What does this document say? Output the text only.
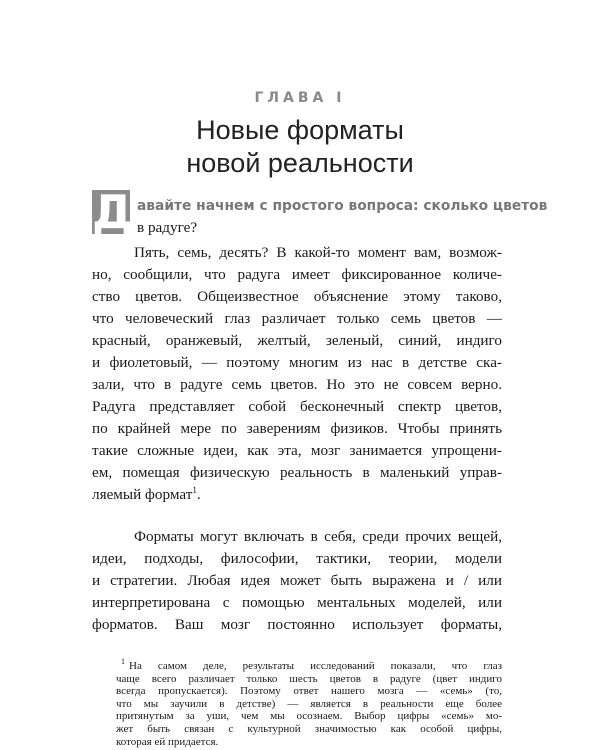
ГЛАВА I
Новые форматы
новой реальности
Д авайте начнем с простого вопроса: сколько цветов

в радуге?

Пять, семь, десять? В какой-то момент вам, возмож-

но, сообщили, что радуга имеет фиксированное количе-

ство цветов. Общеизвестное объяснение этому таково,

что человеческий глаз различает только семь цветов —

красный, оранжевый, желтый, зеленый, синий, индиго

и фиолетовый, — поэтому многим из нас в детстве ска-

зали, что в радуге семь цветов. Но это не совсем верно.

Радуга представляет собой бесконечный спектр цветов,

по крайней мере по заверениям физиков. Чтобы принять

такие сложные идеи, как эта, мозг занимается упрощени-

ем, помещая физическую реальность в маленький управ-

ляемый формат$^1$.

Форматы могут включать в себя, среди прочих вещей,

идеи, подходы, философии, тактики, теории, модели

и стратегии. Любая идея может быть выражена и / или

интерпретирована с помощью ментальных моделей, или

форматов. Ваш мозг постоянно использует форматы,

$^1$ На самом деле, результаты исследований показали, что глаз

чаще всего различает только шесть цветов в радуге (цвет индиго

всегда пропускается). Поэтому ответ нашего мозга — «семь» (то,

что мы заучили в детстве) — является в реальности еще более

притянутым за уши, чем мы осознаем. Выбор цифры «семь» мо-

жет быть связан с культурной значимостью как особой цифры,

которая ей придается.
